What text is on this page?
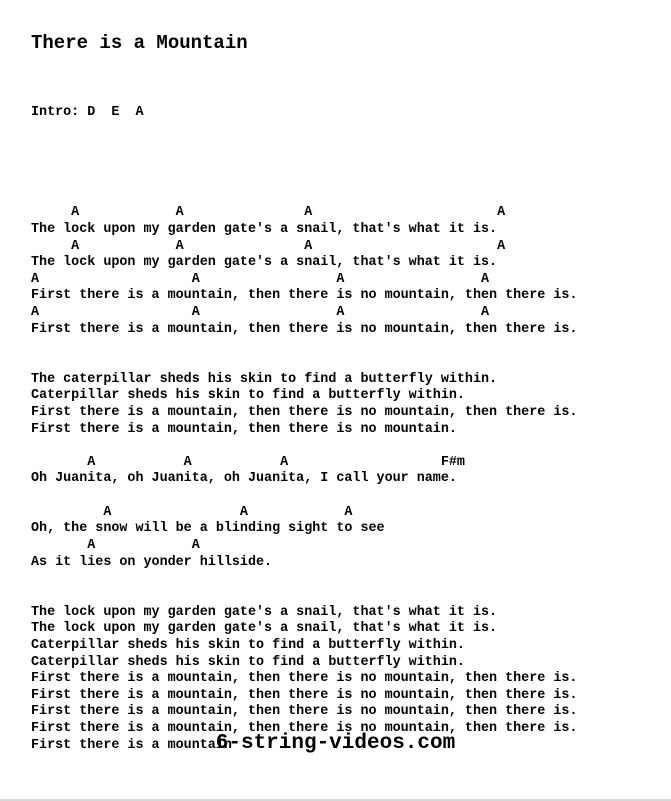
There is a Mountain

Intro: D  E  A

A            A               A                       A
The lock upon my garden gate's a snail, that's what it is.
A            A               A                       A
The lock upon my garden gate's a snail, that's what it is.
A                   A                 A                 A
First there is a mountain, then there is no mountain, then there is.
A                   A                 A                 A
First there is a mountain, then there is no mountain, then there is.
The caterpillar sheds his skin to find a butterfly within.
Caterpillar sheds his skin to find a butterfly within.
First there is a mountain, then there is no mountain, then there is.
First there is a mountain, then there is no mountain.
A           A           A                   F#m
Oh Juanita, oh Juanita, oh Juanita, I call your name.
A                A            A
Oh, the snow will be a blinding sight to see
A            A
As it lies on yonder hillside.
The lock upon my garden gate's a snail, that's what it is.
The lock upon my garden gate's a snail, that's what it is.
Caterpillar sheds his skin to find a butterfly within.
Caterpillar sheds his skin to find a butterfly within.
First there is a mountain, then there is no mountain, then there is.
First there is a mountain, then there is no mountain, then there is.
First there is a mountain, then there is no mountain, then there is.
First there is a mountain, then there is no mountain, then there is.
First there is a mountain
6-string-videos.com
